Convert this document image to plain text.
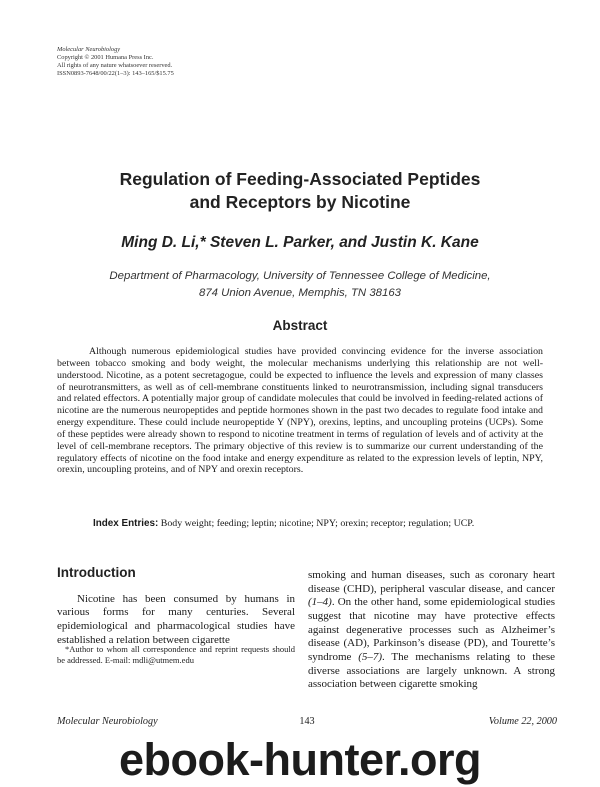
Molecular Neurobiology
Copyright © 2001 Humana Press Inc.
All rights of any nature whatsoever reserved.
ISSN0893-7648/00/22(1–3): 143–165/$15.75
Regulation of Feeding-Associated Peptides
and Receptors by Nicotine
Ming D. Li,* Steven L. Parker, and Justin K. Kane
Department of Pharmacology, University of Tennessee College of Medicine,
874 Union Avenue, Memphis, TN 38163
Abstract

Although numerous epidemiological studies have provided convincing evidence for the inverse association between tobacco smoking and body weight, the molecular mechanisms underlying this relationship are not well-understood. Nicotine, as a potent secretagogue, could be expected to influence the levels and expression of many classes of neurotransmitters, as well as of cell-membrane constituents linked to neurotransmission, including signal transducers and related effectors. A potentially major group of candidate molecules that could be involved in feeding-related actions of nicotine are the numerous neuropeptides and peptide hormones shown in the past two decades to regulate food intake and energy expenditure. These could include neuropeptide Y (NPY), orexins, leptins, and uncoupling proteins (UCPs). Some of these peptides were already shown to respond to nicotine treatment in terms of regulation of levels and of activity at the level of cell-membrane receptors. The primary objective of this review is to summarize our current understanding of the regulatory effects of nicotine on the food intake and energy expenditure as related to the expression levels of leptin, NPY, orexin, uncoupling proteins, and of NPY and orexin receptors.

Index Entries: Body weight; feeding; leptin; nicotine; NPY; orexin; receptor; regulation; UCP.
Introduction

Nicotine has been consumed by humans in various forms for many centuries. Several epidemiological and pharmacological studies have established a relation between cigarette

*Author to whom all correspondence and reprint requests should be addressed. E-mail: mdli@utmem.edu

smoking and human diseases, such as coronary heart disease (CHD), peripheral vascular disease, and cancer (1–4). On the other hand, some epidemiological studies suggest that nicotine may have protective effects against degenerative processes such as Alzheimer’s disease (AD), Parkinson’s disease (PD), and Tourette’s syndrome (5–7). The mechanisms relating to these diverse associations are largely unknown. A strong association between cigarette smoking

Molecular Neurobiology	143	Volume 22, 2000
ebook-hunter.org
